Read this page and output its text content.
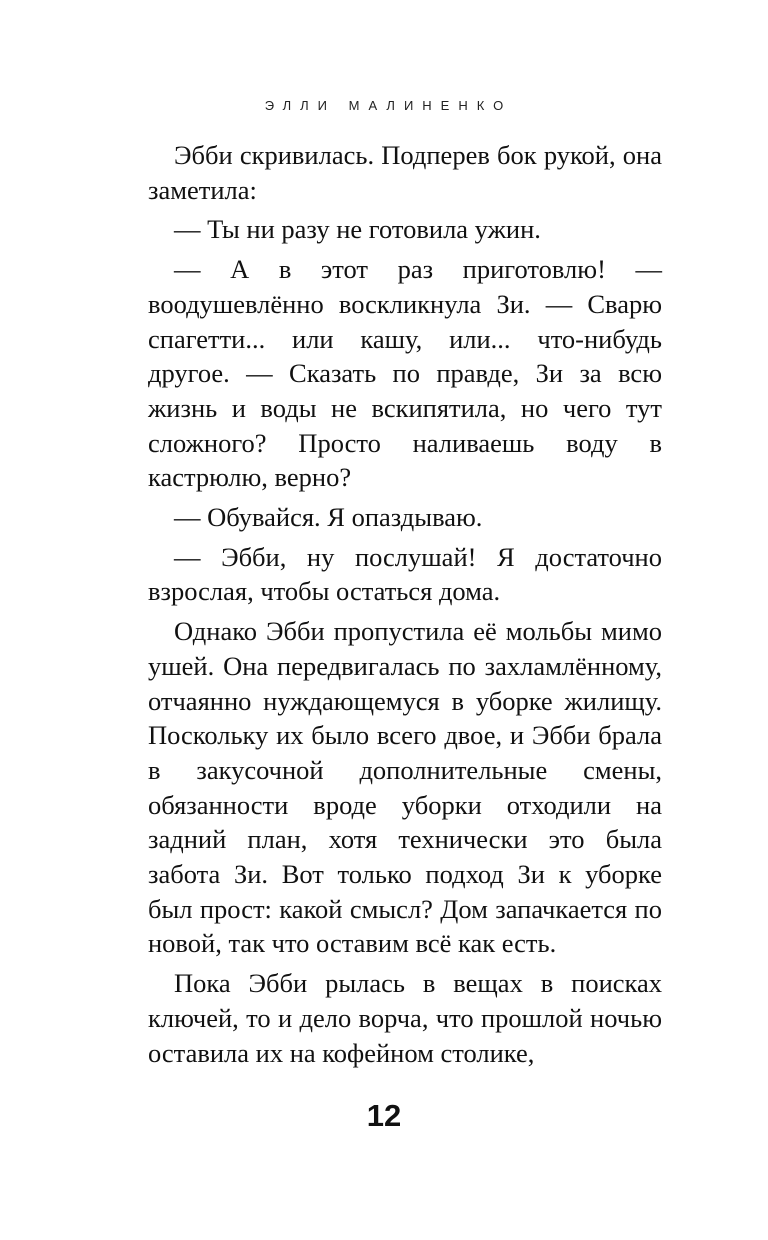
ЭЛЛИ МАЛИНЕНКО

Эбби скривилась. Подперев бок рукой, она заметила:

— Ты ни разу не готовила ужин.

— А в этот раз приготовлю! — воодушевлённо воскликнула Зи. — Сварю спагетти... или кашу, или... что-нибудь другое. — Сказать по правде, Зи за всю жизнь и воды не вскипятила, но чего тут сложного? Просто наливаешь воду в кастрюлю, верно?

— Обувайся. Я опаздываю.

— Эбби, ну послушай! Я достаточно взрослая, чтобы остаться дома.

Однако Эбби пропустила её мольбы мимо ушей. Она передвигалась по захламлённому, отчаянно нуждающемуся в уборке жилищу. Поскольку их было всего двое, и Эбби брала в закусочной дополнительные смены, обязанности вроде уборки отходили на задний план, хотя технически это была забота Зи. Вот только подход Зи к уборке был прост: какой смысл? Дом запачкается по новой, так что оставим всё как есть.

Пока Эбби рылась в вещах в поисках ключей, то и дело ворча, что прошлой ночью оставила их на кофейном столике,

12
